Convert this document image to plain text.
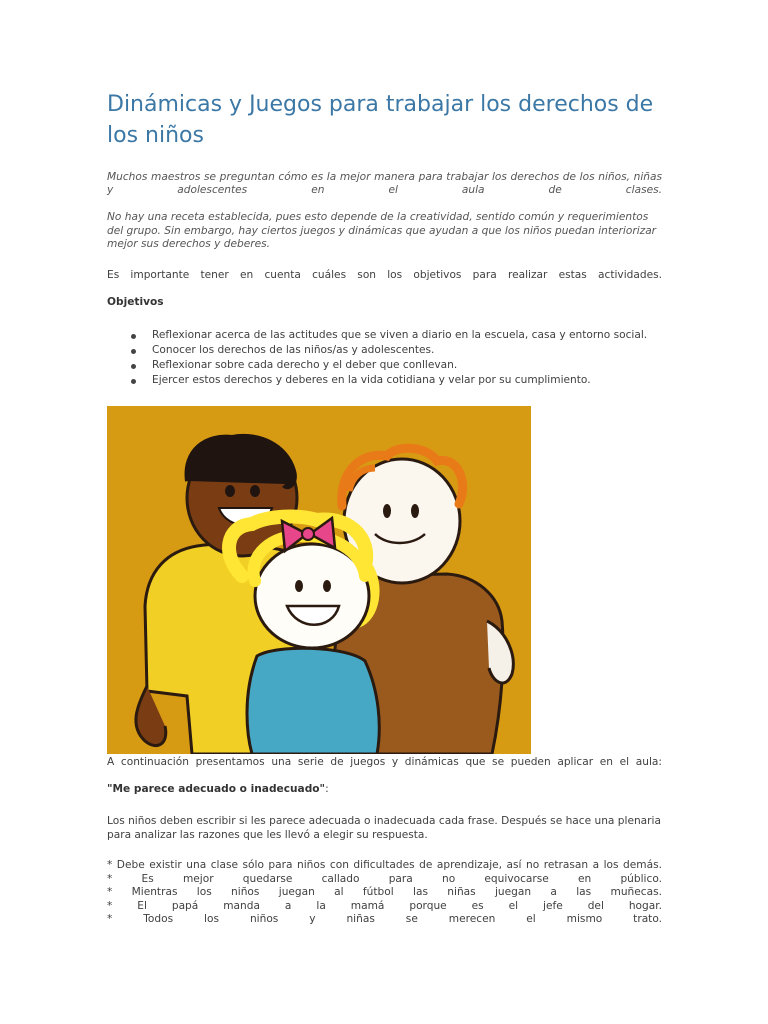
Dinámicas y Juegos para trabajar los derechos de los niños

Muchos maestros se preguntan cómo es la mejor manera para trabajar los derechos de los niños, niñas

y adolescentes en el aula de clases.

No hay una receta establecida, pues esto depende de la creatividad, sentido común y requerimientos del grupo. Sin embargo, hay ciertos juegos y dinámicas que ayudan a que los niños puedan interiorizar mejor sus derechos y deberes.

Es importante tener en cuenta cuáles son los objetivos para realizar estas actividades.

Objetivos

Reflexionar acerca de las actitudes que se viven a diario en la escuela, casa y entorno social.
Conocer los derechos de las niños/as y adolescentes.
Reflexionar sobre cada derecho y el deber que conllevan.
Ejercer estos derechos y deberes en la vida cotidiana y velar por su cumplimiento.

A continuación presentamos una serie de juegos y dinámicas que se pueden aplicar en el aula:

"Me parece adecuado o inadecuado":

Los niños deben escribir si les parece adecuada o inadecuada cada frase. Después se hace una plenaria para analizar las razones que les llevó a elegir su respuesta.

* Debe existir una clase sólo para niños con dificultades de aprendizaje, así no retrasan a los demás.

* Es mejor quedarse callado para no equivocarse en público.

* Mientras los niños juegan al fútbol las niñas juegan a las muñecas.

* El papá manda a la mamá porque es el jefe del hogar.

* Todos los niños y niñas se merecen el mismo trato.
